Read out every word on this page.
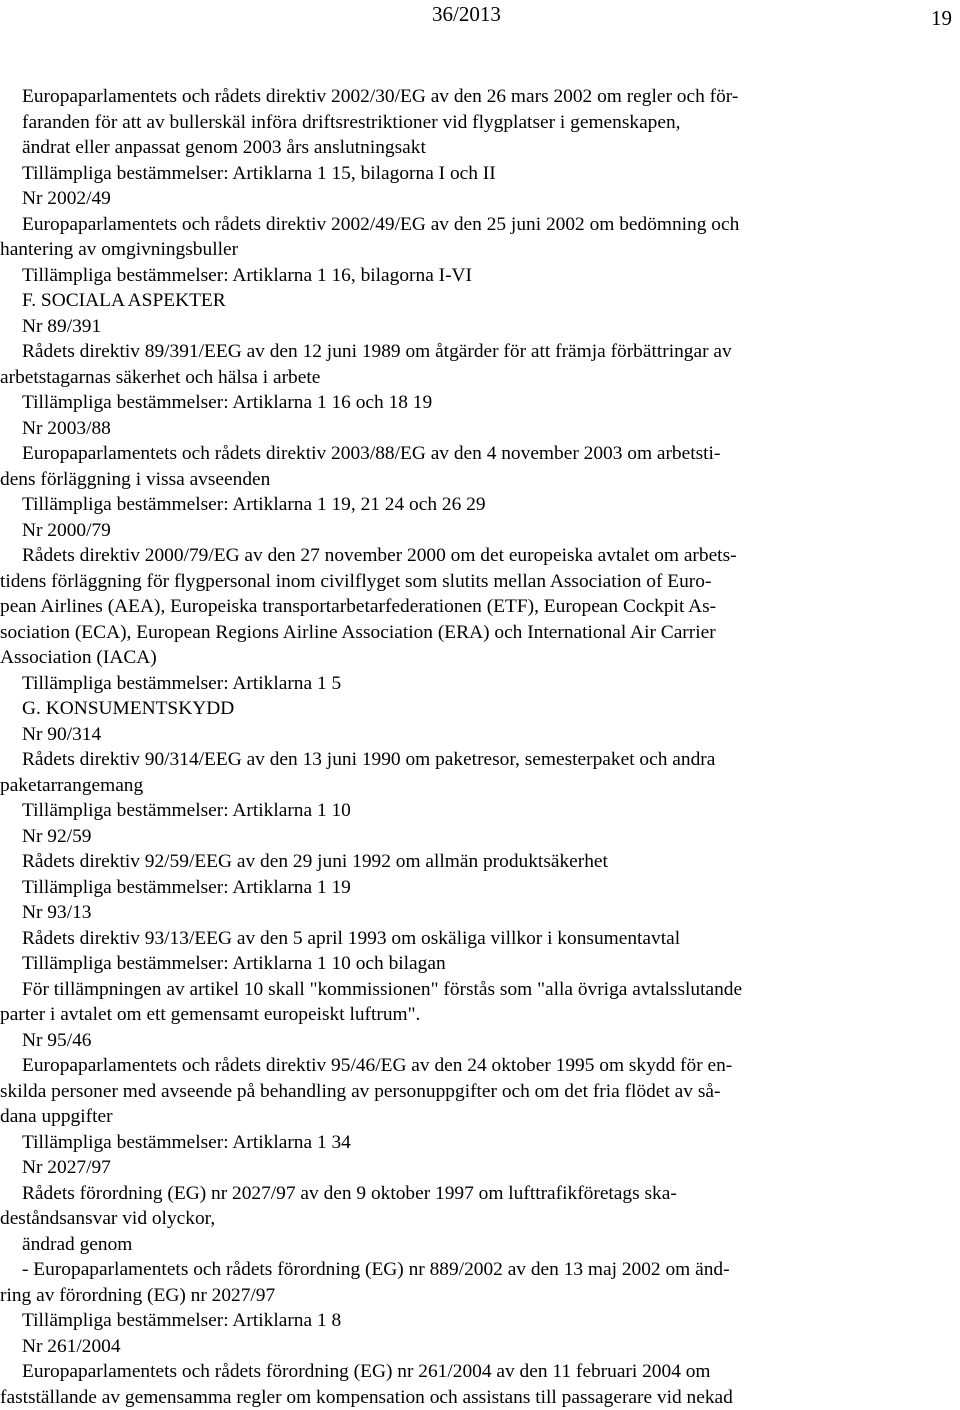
36/2013	19
Europaparlamentets och rådets direktiv 2002/30/EG av den 26 mars 2002 om regler och för-
faranden för att av bullerskäl införa driftsrestriktioner vid flygplatser i gemenskapen,
ändrat eller anpassat genom 2003 års anslutningsakt
Tillämpliga bestämmelser: Artiklarna 1 15, bilagorna I och II
Nr 2002/49
Europaparlamentets och rådets direktiv 2002/49/EG av den 25 juni 2002 om bedömning och
hantering av omgivningsbuller
Tillämpliga bestämmelser: Artiklarna 1 16, bilagorna I-VI
F. SOCIALA ASPEKTER
Nr 89/391
Rådets direktiv 89/391/EEG av den 12 juni 1989 om åtgärder för att främja förbättringar av
arbetstagarnas säkerhet och hälsa i arbete
Tillämpliga bestämmelser: Artiklarna 1 16 och 18 19
Nr 2003/88
Europaparlamentets och rådets direktiv 2003/88/EG av den 4 november 2003 om arbetsti-
dens förläggning i vissa avseenden
Tillämpliga bestämmelser: Artiklarna 1 19, 21 24 och 26 29
Nr 2000/79
Rådets direktiv 2000/79/EG av den 27 november 2000 om det europeiska avtalet om arbets-
tidens förläggning för flygpersonal inom civilflyget som slutits mellan Association of Euro-
pean Airlines (AEA), Europeiska transportarbetarfederationen (ETF), European Cockpit As-
sociation (ECA), European Regions Airline Association (ERA) och International Air Carrier
Association (IACA)
Tillämpliga bestämmelser: Artiklarna 1 5
G. KONSUMENTSKYDD
Nr 90/314
Rådets direktiv 90/314/EEG av den 13 juni 1990 om paketresor, semesterpaket och andra
paketarrangemang
Tillämpliga bestämmelser: Artiklarna 1 10
Nr 92/59
Rådets direktiv 92/59/EEG av den 29 juni 1992 om allmän produktsäkerhet
Tillämpliga bestämmelser: Artiklarna 1 19
Nr 93/13
Rådets direktiv 93/13/EEG av den 5 april 1993 om oskäliga villkor i konsumentavtal
Tillämpliga bestämmelser: Artiklarna 1 10 och bilagan
För tillämpningen av artikel 10 skall "kommissionen" förstås som "alla övriga avtalsslutande
parter i avtalet om ett gemensamt europeiskt luftrum".
Nr 95/46
Europaparlamentets och rådets direktiv 95/46/EG av den 24 oktober 1995 om skydd för en-
skilda personer med avseende på behandling av personuppgifter och om det fria flödet av så-
dana uppgifter
Tillämpliga bestämmelser: Artiklarna 1 34
Nr 2027/97
Rådets förordning (EG) nr 2027/97 av den 9 oktober 1997 om lufttrafikföretags ska-
deståndsansvar vid olyckor,
ändrad genom
- Europaparlamentets och rådets förordning (EG) nr 889/2002 av den 13 maj 2002 om änd-
ring av förordning (EG) nr 2027/97
Tillämpliga bestämmelser: Artiklarna 1 8
Nr 261/2004
Europaparlamentets och rådets förordning (EG) nr 261/2004 av den 11 februari 2004 om
fastställande av gemensamma regler om kompensation och assistans till passagerare vid nekad
